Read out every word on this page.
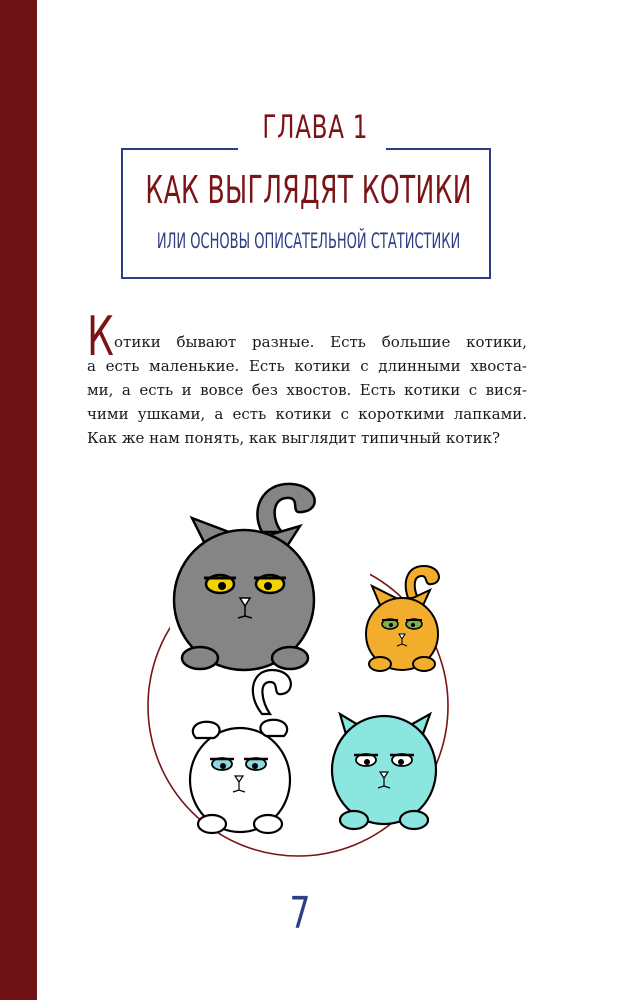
ГЛАВА 1
КАК ВЫГЛЯДЯТ КОТИКИ
ИЛИ ОСНОВЫ ОПИСАТЕЛЬНОЙ СТАТИСТИКИ
К отики бывают разные. Есть большие котики,
а есть маленькие. Есть котики с длинными хвоста-
ми, а есть и вовсе без хвостов. Есть котики с вися-
чими ушками, а есть котики с короткими лапками.
Как же нам понять, как выглядит типичный котик?
7
